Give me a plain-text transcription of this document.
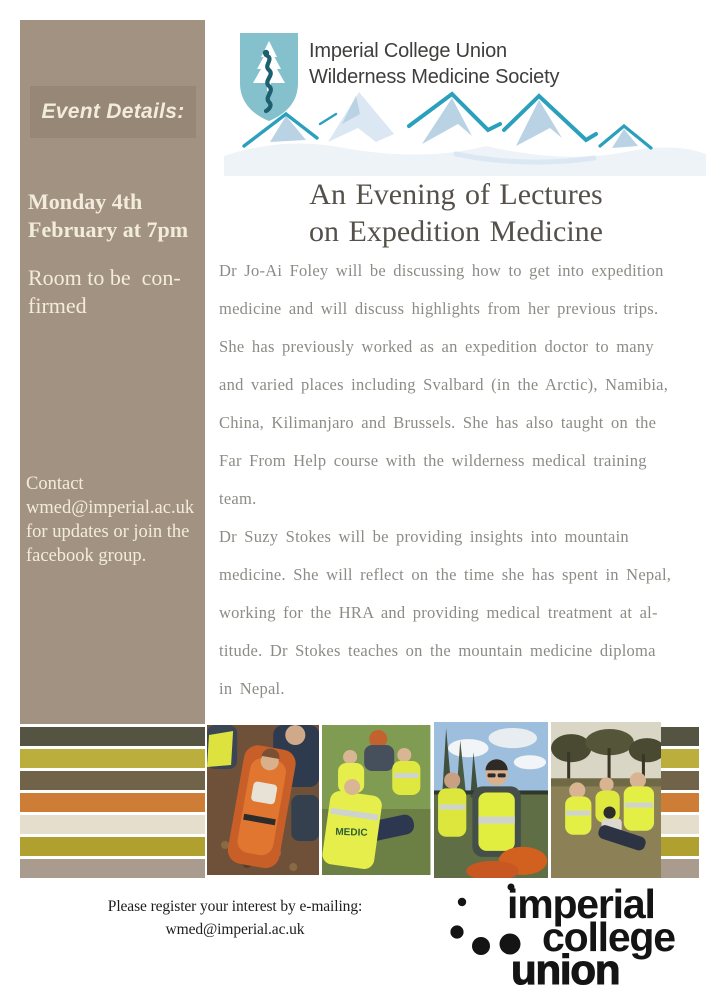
Event Details:
Monday 4th
February at 7pm
Room to be  con-
firmed
Contact
wmed@imperial.ac.uk
for updates or join the
facebook group.
Imperial College Union
Wilderness Medicine Society
An Evening of Lectures
on Expedition Medicine
Dr Jo-Ai Foley will be discussing how to get into expedition
medicine and will discuss highlights from her previous trips.
She has previously worked as an expedition doctor to many
and varied places including Svalbard (in the Arctic), Namibia,
China, Kilimanjaro and Brussels. She has also taught on the
Far From Help course with the wilderness medical training
team.
Dr Suzy Stokes will be providing insights into mountain
medicine. She will reflect on the time she has spent in Nepal,
working for the HRA and providing medical treatment at al-
titude. Dr Stokes teaches on the mountain medicine diploma
in Nepal.
MEDIC
Please register your interest by e-mailing:
wmed@imperial.ac.uk
imperial
college
union
